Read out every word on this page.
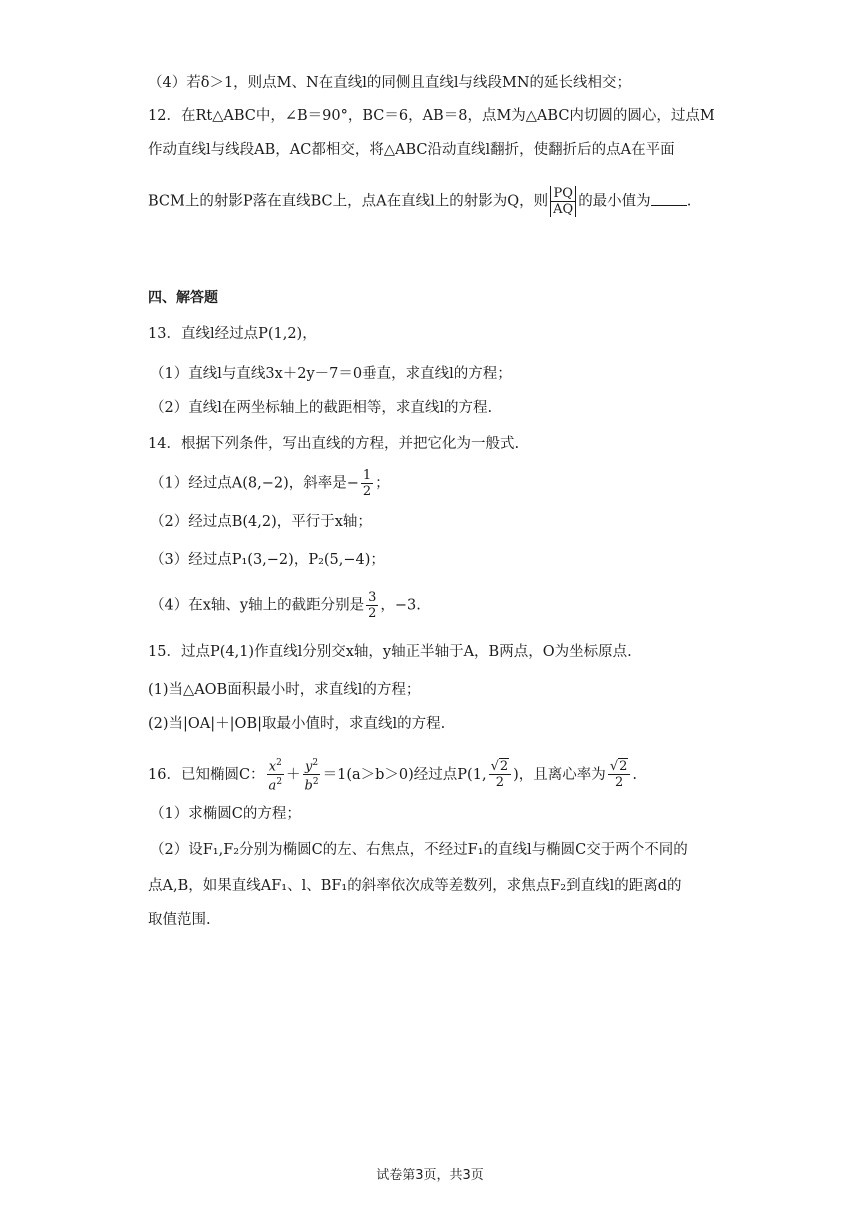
（4）若δ＞1，则点M、N在直线l的同侧且直线l与线段MN的延长线相交；
12．在Rt△ABC中，∠B＝90°，BC＝6，AB＝8，点M为△ABC内切圆的圆心，过点M
作动直线l与线段AB，AC都相交，将△ABC沿动直线l翻折，使翻折后的点A在平面
BCM上的射影P落在直线BC上，点A在直线l上的射影为Q，则 $\frac{PQ}{AQ}$ 的最小值为 .
四、解答题
13．直线l经过点P(1,2)，
（1）直线l与直线3x＋2y－7＝0垂直，求直线l的方程；
（2）直线l在两坐标轴上的截距相等，求直线l的方程.
14．根据下列条件，写出直线的方程，并把它化为一般式.
（1）经过点A(8,−2)，斜率是− $\frac{1}{2}$ ；
（2）经过点B(4,2)，平行于x轴；
（3）经过点P₁(3,−2)，P₂(5,−4)；
（4）在x轴、y轴上的截距分别是 $\frac{3}{2}$ ，−3.
15．过点P(4,1)作直线l分别交x轴，y轴正半轴于A，B两点，O为坐标原点.
(1)当△AOB面积最小时，求直线l的方程；
(2)当|OA|＋|OB|取最小值时，求直线l的方程.
16．已知椭圆C： $\frac{x^2}{a^2} + \frac{y^2}{b^2} =1(a>b>0)$经过点P(1, $\frac{√2}{2}$ )，且离心率为 $\frac{√2}{2}$ .
（1）求椭圆C的方程；
（2）设F₁,F₂分别为椭圆C的左、右焦点，不经过F₁的直线l与椭圆C交于两个不同的
点A,B，如果直线AF₁、l、BF₁的斜率依次成等差数列，求焦点F₂到直线l的距离d的
取值范围.
试卷第3页，共3页
